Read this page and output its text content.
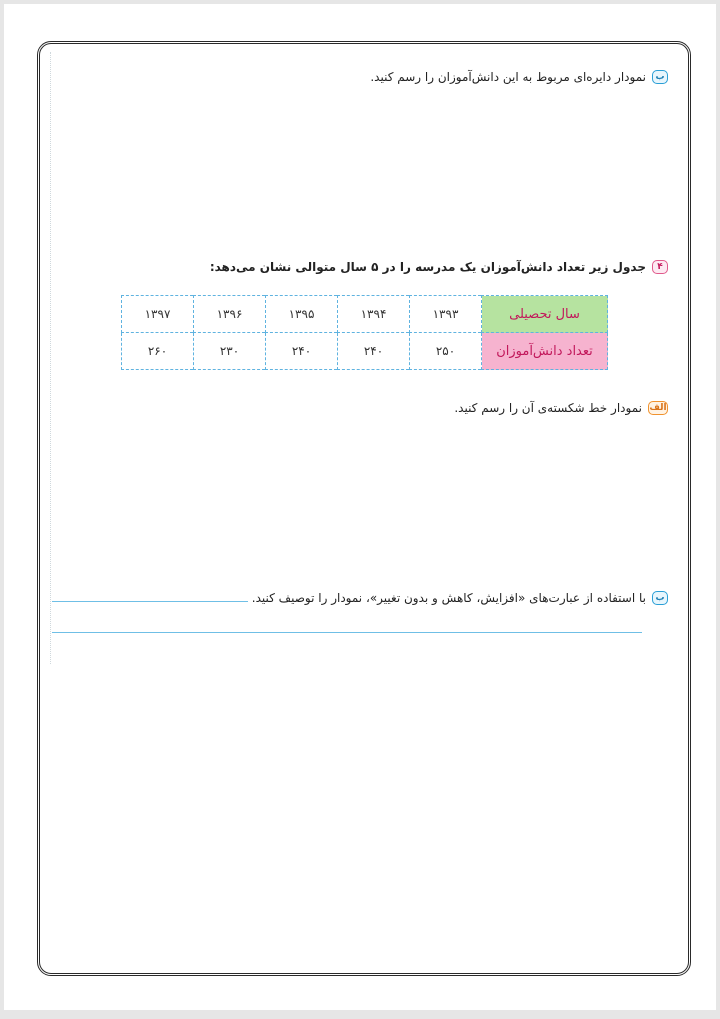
ب
نمودار دایره‌ای مربوط به این دانش‌آموزان را رسم کنید.
۴
جدول زیر تعداد دانش‌آموزان یک مدرسه را در ۵ سال متوالی نشان می‌دهد:
سال تحصیلی	۱۳۹۳	۱۳۹۴	۱۳۹۵	۱۳۹۶	۱۳۹۷
تعداد دانش‌آموزان	۲۵۰	۲۴۰	۲۴۰	۲۳۰	۲۶۰
الف
نمودار خط شکسته‌ی آن را رسم کنید.
ب
با استفاده از عبارت‌های «افزایش، کاهش و بدون تغییر»، نمودار را توصیف کنید.
